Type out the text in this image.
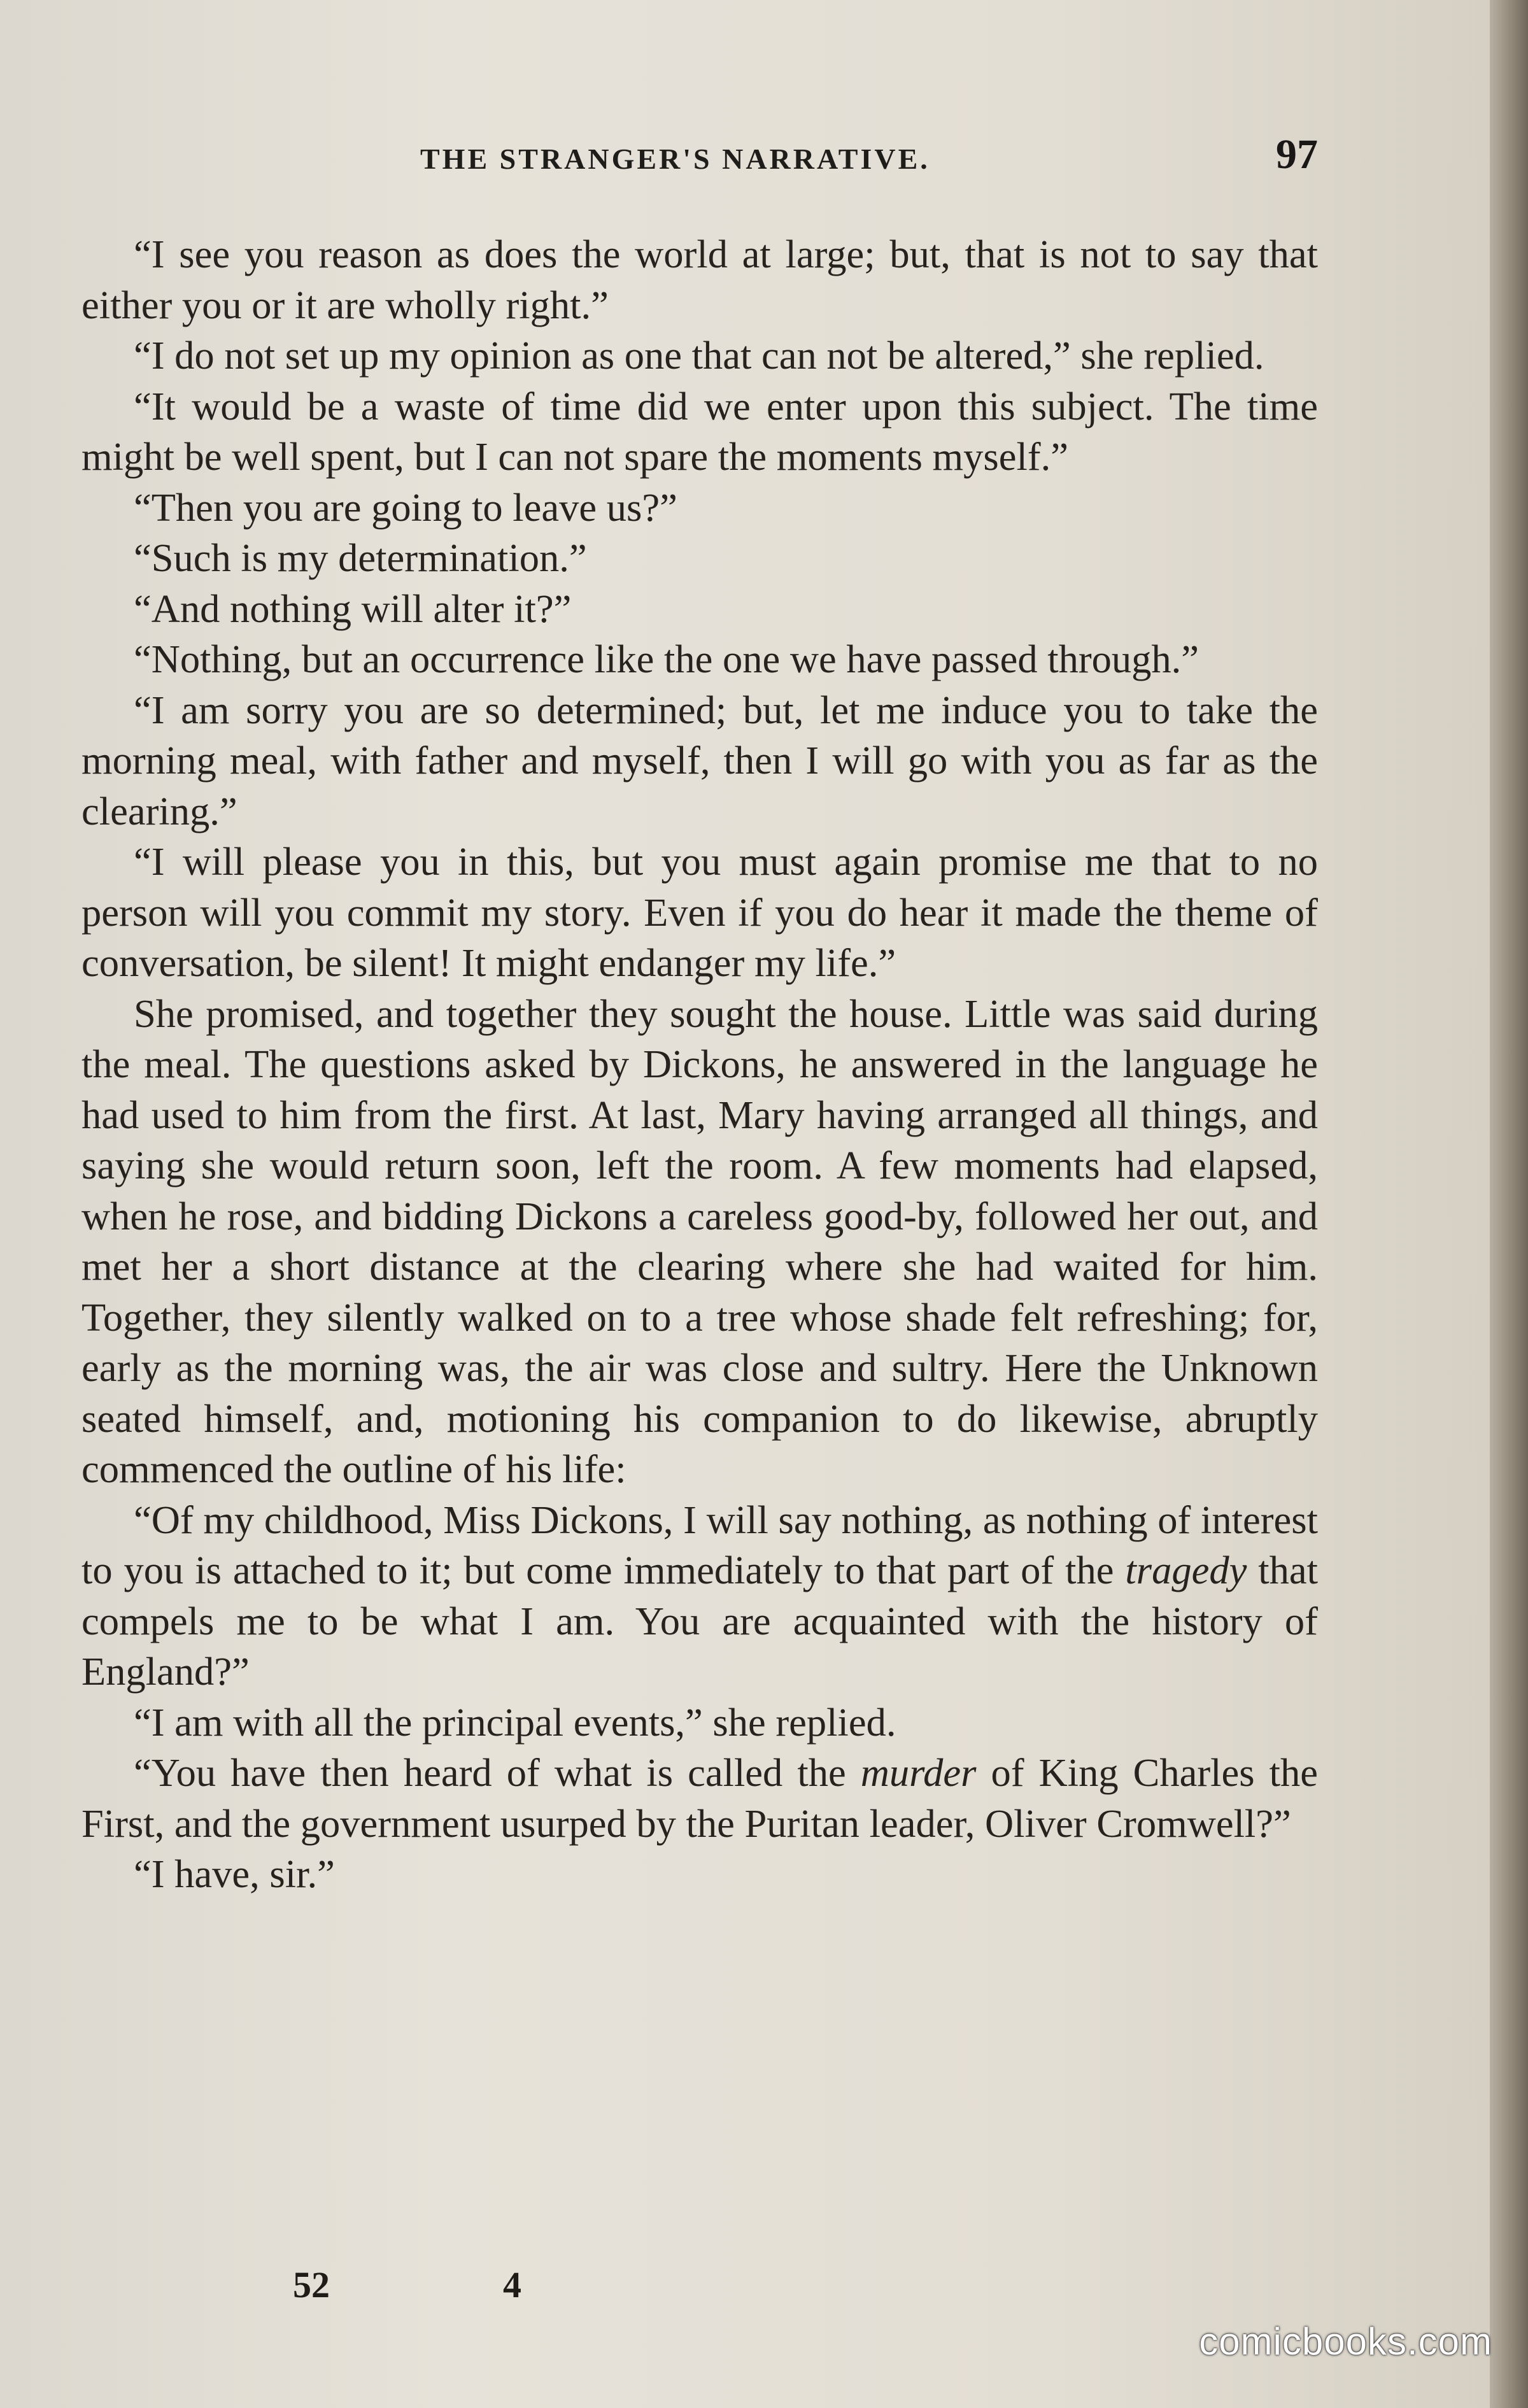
THE STRANGER'S NARRATIVE.	97

“I see you reason as does the world at large; but, that is not to say that either you or it are wholly right.”

“I do not set up my opinion as one that can not be altered,” she replied.

“It would be a waste of time did we enter upon this subject. The time might be well spent, but I can not spare the moments myself.”

“Then you are going to leave us?”

“Such is my determination.”

“And nothing will alter it?”

“Nothing, but an occurrence like the one we have passed through.”

“I am sorry you are so determined; but, let me induce you to take the morning meal, with father and myself, then I will go with you as far as the clearing.”

“I will please you in this, but you must again promise me that to no person will you commit my story. Even if you do hear it made the theme of conversation, be silent! It might endanger my life.”

She promised, and together they sought the house. Little was said during the meal. The questions asked by Dickons, he answered in the language he had used to him from the first. At last, Mary having arranged all things, and saying she would return soon, left the room. A few moments had elapsed, when he rose, and bidding Dickons a careless good-by, followed her out, and met her a short distance at the clearing where she had waited for him. Together, they silently walked on to a tree whose shade felt refreshing; for, early as the morning was, the air was close and sultry. Here the Unknown seated himself, and, motioning his companion to do likewise, abruptly commenced the outline of his life:

“Of my childhood, Miss Dickons, I will say nothing, as nothing of interest to you is attached to it; but come immediately to that part of the tragedy that compels me to be what I am. You are acquainted with the history of England?”

“I am with all the principal events,” she replied.

“You have then heard of what is called the murder of King Charles the First, and the government usurped by the Puritan leader, Oliver Cromwell?”

“I have, sir.”

52	4
comicbooks.com
